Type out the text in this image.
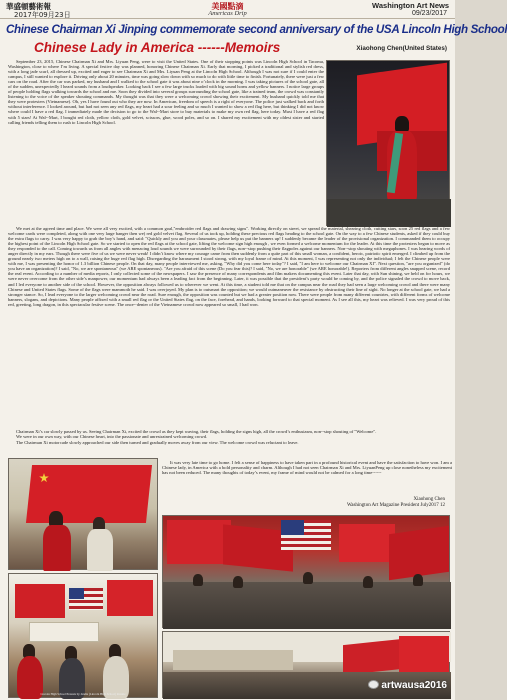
華盛頓藝術報
2017年09月23日
美國點滴
Americas Drip
Washington Art News
09/23/2017
Chinese Chairman Xi Jinping commemorate second anniversary of the USA Lincoln High School
Chinese Lady in America ------Memoirs	Xiaohong Chen(United States)

September 23, 2015, Chinese Chairman Xi and Mrs. Liyuan Peng, were to visit the United States. One of their stopping points was Lincoln High School in Tacoma, Washington, close to where I’m living. A special festive day was planned, honoring Chinese Chairman Xi. Early that morning, I picked a traditional and stylish red dress, with a long jade scarf, all dressed up, excited and eager to see Chairman Xi and Mrs. Liyuan Peng at the Lincoln High School. Although I was not sure if I could enter the campus, I still wanted to explore it. Driving only about 20 minutes, time was going slow down with so much to do with little time to finish. Fortunately, there were just a few cars on the road. After the car was parked, my husband and I walked to the school gate it was about nine o’clock in the morning. I was taking pictures of the school gate, all of the sudden, unexpectedly I heard sounds from a loudspeaker. Looking back I see a few large trucks loaded with big sound horns and yellow banners. I notice large groups of people holding flags walking towards the school and me. Soon they divided into several groups surrounding the school gate, like a trained team, the crowd was constantly listening to the voice of the speaker shouting commands. My thought was that they were a welcoming crowd showing their excitement. My husband quickly told me that they were protesters (Vietnamese). Oh, yes I have found out who they are now. In American, freedom of speech is a right of everyone. The police just walked back and forth without interference. I looked around, but had not seen any red flags, my heart had a sour feeling and so much I wanted to show a red flag here, but thinking I did not know where could I have a red flag. I immediately made the decision to go to the Wal--Mart store to buy materials to make my own red flag, here today. Must I have a red flag with 5 stars! At Wal--Mart, I bought red cloth, yellow cloth, gold velvet, scissors, glue, wood poles, and so on. I shared my excitement with my oldest sister and started calling friends telling them to rush to Lincoln High School.

We met at the agreed time and place. We were all very excited, with a common goal,"embroider red flags and drawing signs". Working directly on street, we spread the material, shearing cloth, cutting stars, soon 25 red flags and a few welcome cards were completed, along with one very large banger then we) red gold velvet flag. Several of us took up, holding these precious red flags heading to the school gate. On the way to a few Chinese students, asked if they could buy the extra flags to carry. I was very happy to grab the boy’s hand, and said: "Quickly and you and your classmates, please help us put the banners up! I suddenly became the leader of the provisional organization. I commanded them to occupy the highest point of the Lincoln High School gate. So we started to open the red flags at the school gate, lifting the welcome sign high enough , we even formed a welcome momentum for the leader. At this time the protesters began to move as they responded to the call. Coming towards us from all angles with menacing loud sounds we were surrounded by their flags, non--stop pushing their flagpoles against our banners. Non--stop shouting with megaphones. I was hearing words of anger directly in my ears. Though there were five of us we were never weak! I didn’t know where my courage came from then suddenly from a quite part of this small woman, a confident, heroic, patriotic spirit emerged. I climbed up from the ground nearly two meters high on to a wall, raising the huge red flag high. Disregarding the harassment I stood strong, with my loyal frame of mind. At this moment, I was representing not only the individual; I felt the Chinese people were with me, I was presenting the honor of 1.3 billion Chinese people. On that day, many people interviewed me, asking, "Why did you come here today"? I said, "I am here to welcome our Chairman XI". Next question, "are you organized" (do you have an organization)? I said, "No, we are spontaneous" (we ARE spontaneous). "Are you afraid of this scene (Do you fear this)? I said, "No, we are honorable" (we ARE honorable!). Reporters from different angles snapped scene, record the real event. According to a number of media reports, I only collected some of the newspapers. I saw the presence of many correspondents and film makers documenting this event. Later that day, with Sun shining, we held on for hours, we were never overcome from the other side’s manpower, our momentum had always been a leading fact from the beginning. Later, it was possible that the president’s party would be coming by, and the police signaled the crowd to move back, and I led everyone to another side of the school. However, the opposition always followed us to wherever we went. At this time, a student told me that on the campus near the road they had seen a large welcoming crowd and there were many Chinese and United States flags. Some of the flags were mammoth he said. I was overjoyed. My plan is to outsmart the opposition; we would outmaneuver the resistance by obstructing their line of sight. No longer at the school gate, we had a stronger stance. So, I lead everyone to the larger welcoming crowd near the road. Sure enough, the opposition was counted but we had a greater position now. There were people from many different countries, with different forms of welcome banners, slogans, and depictions. Many people affixed with a small red flag or the United States flag, on the face, forehead, and hands, looking forward to that special moment. As I see all this, my heart was relieved. I was very proud of this red, greeting, long dragon, in this spectacular festive scene. The once--denier of the Vietnamese crowd now appeared so small, I had won.

Chairman Xi’s car slowly passed by us. Seeing Chairman Xi, excited the crowd as they kept waving, their flags, holding the signs high, all the crowd’s enthusiasm, non--stop shouting of "Welcome".

We were in our own way, with our Chinese heart, into the passionate and unrestrained welcoming crowd.

The Chairman Xi motorcade slowly approached our side then turned and gradually moves away from our view. The welcome crowd was reluctant to leave.

It was very late time to go home. I felt a sense of happiness to have taken part in a profound historical event and have the satisfaction to have won. I am a Chinese lady, in America with a bold personality and charm. Although I had not seen Chairman Xi and Mrs. LiyuanPeng up close nonetheless my excitement has not been reduced. The many thoughts of today’s event, my frame of mind would not be calmed for a long time------

Xiaohong Chen
Washington Art Magazine President July2017 12
Lincoln High School Protests by Jandia (Lincoln High School) Ronnie
artwausa2016
